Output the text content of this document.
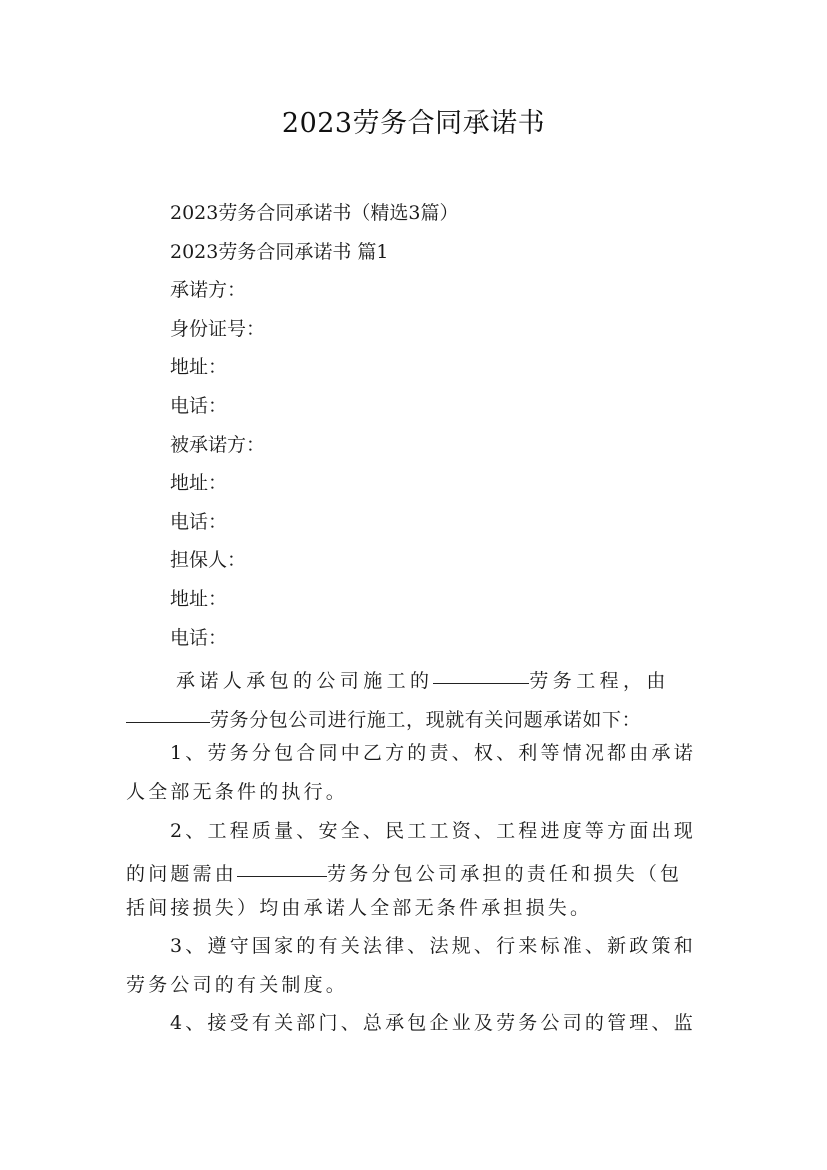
2023劳务合同承诺书
2023劳务合同承诺书（精选3篇）
2023劳务合同承诺书 篇1
承诺方：
身份证号：
地址：
电话：
被承诺方：
地址：
电话：
担保人：
地址：
电话：
承诺人承包的公司施工的	劳务工程，由
劳务分包公司进行施工，现就有关问题承诺如下：
1、劳务分包合同中乙方的责、权、利等情况都由承诺
人全部无条件的执行。
2、工程质量、安全、民工工资、工程进度等方面出现
的问题需由	劳务分包公司承担的责任和损失（包
括间接损失）均由承诺人全部无条件承担损失。
3、遵守国家的有关法律、法规、行来标准、新政策和
劳务公司的有关制度。
4、接受有关部门、总承包企业及劳务公司的管理、监
